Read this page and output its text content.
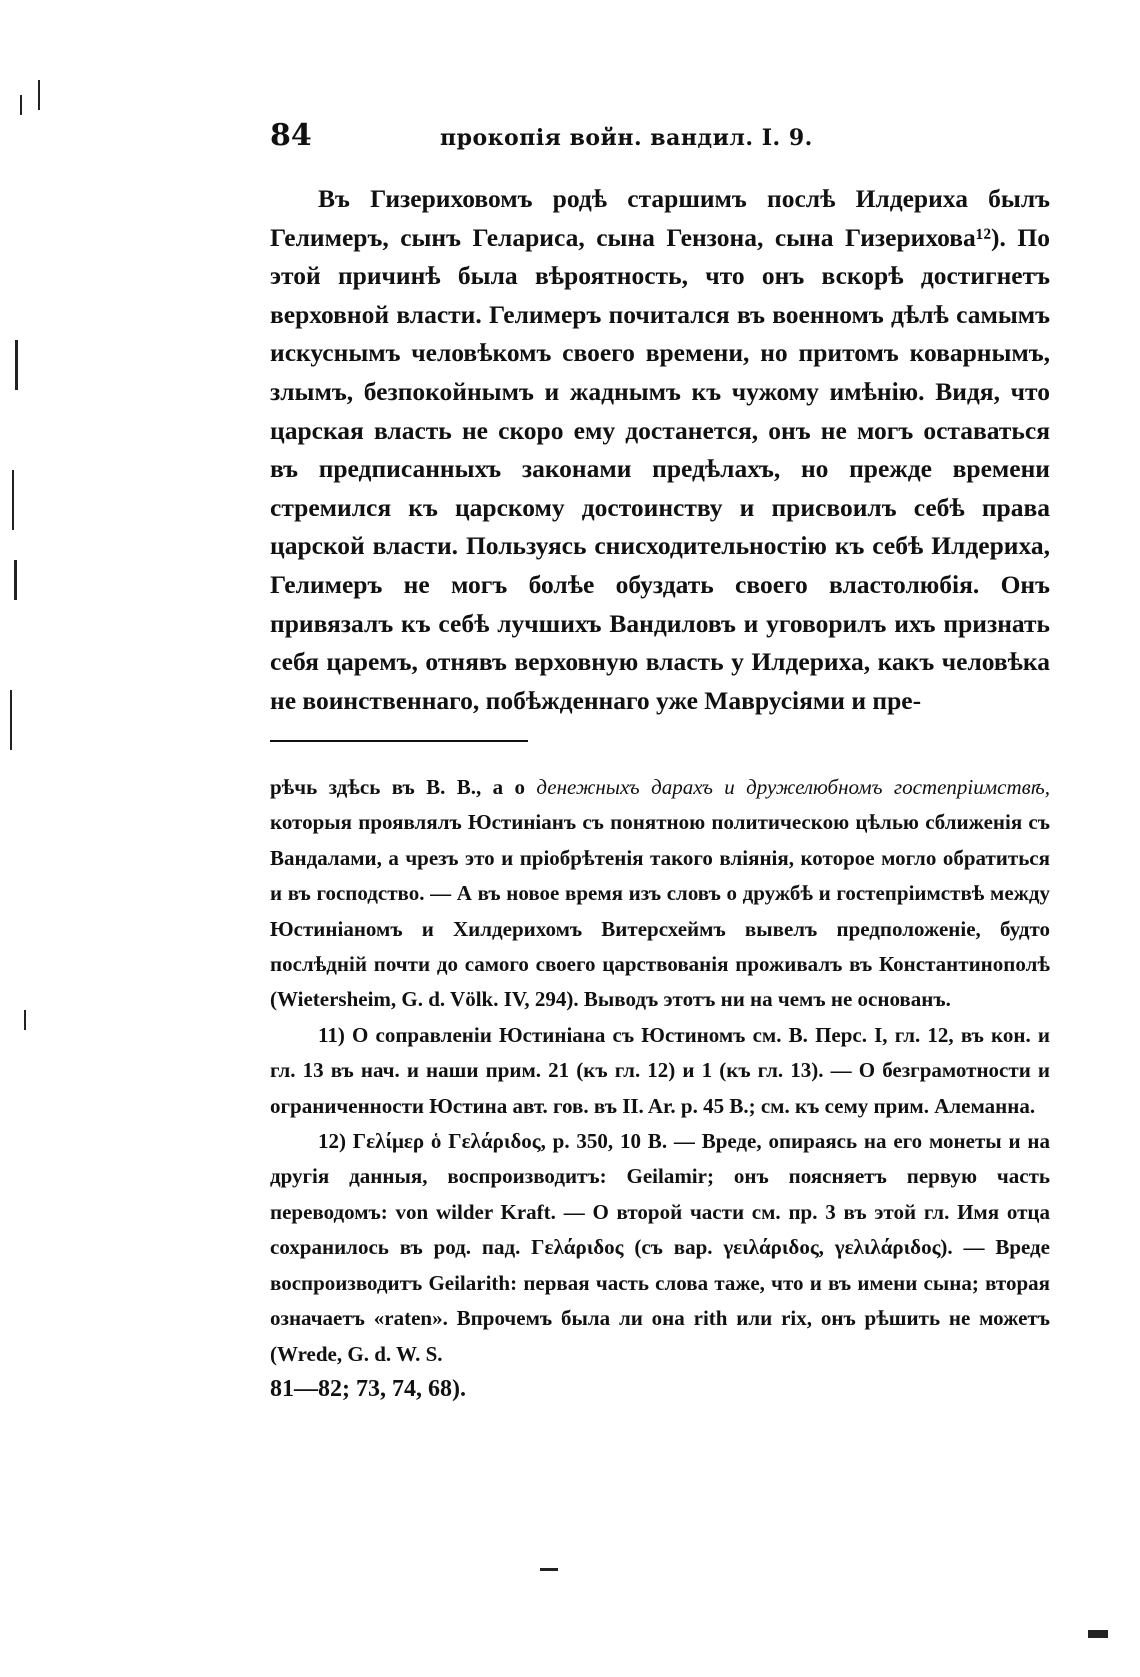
84	прокопія войн. вандил. I. 9.

Въ Гизериховомъ родѣ старшимъ послѣ Илдериха былъ Гелимеръ, сынъ Гелариса, сына Гензона, сына Гизерихова¹²). По этой причинѣ была вѣроятность, что онъ вскорѣ достигнетъ верховной власти. Гелимеръ почитался въ военномъ дѣлѣ самымъ искуснымъ человѣкомъ своего времени, но притомъ коварнымъ, злымъ, безпокойнымъ и жаднымъ къ чужому имѣнію. Видя, что царская власть не скоро ему достанется, онъ не могъ оставаться въ предписанныхъ законами предѣлахъ, но прежде времени стремился къ царскому достоинству и присвоилъ себѣ права царской власти. Пользуясь снисходительностію къ себѣ Илдериха, Гелимеръ не могъ болѣе обуздать своего властолюбія. Онъ привязалъ къ себѣ лучшихъ Вандиловъ и уговорилъ ихъ признать себя царемъ, отнявъ верховную власть у Илдериха, какъ человѣка не воинственнаго, побѣжденнаго уже Маврусіями и пре-

рѣчь здѣсь въ В. В., а о денежныхъ дарахъ и дружелюбномъ гостепріимствѣ, которыя проявлялъ Юстиніанъ съ понятною политическою цѣлью сближенія съ Вандалами, а чрезъ это и пріобрѣтенія такого вліянія, которое могло обратиться и въ господство. — А въ новое время изъ словъ о дружбѣ и гостепріимствѣ между Юстиніаномъ и Хилдерихомъ Витерсхеймъ вывелъ предположеніе, будто послѣдній почти до самого своего царствованія проживалъ въ Константинополѣ (Wietersheim, G. d. Völk. IV, 294). Выводъ этотъ ни на чемъ не основанъ.

11) О соправленіи Юстиніана съ Юстиномъ см. В. Перс. I, гл. 12, въ кон. и гл. 13 въ нач. и наши прим. 21 (къ гл. 12) и 1 (къ гл. 13). — О безграмотности и ограниченности Юстина авт. гов. въ II. Ar. p. 45 B.; см. къ сему прим. Алеманна.

12) Γελίμερ ὁ Γελάριδος, p. 350, 10 B. — Вреде, опираясь на его монеты и на другія данныя, воспроизводитъ: Geilamir; онъ поясняетъ первую часть переводомъ: von wilder Kraft. — О второй части см. пр. 3 въ этой гл. Имя отца сохранилось въ род. пад. Γελάριδος (съ вар. γειλάριδος, γελιλάριδος). — Вреде воспроизводитъ Geilarith: первая часть слова таже, что и въ имени сына; вторая означаетъ «raten». Впрочемъ была ли она rith или rix, онъ рѣшить не можетъ (Wrede, G. d. W. S.
81—82; 73, 74, 68).
